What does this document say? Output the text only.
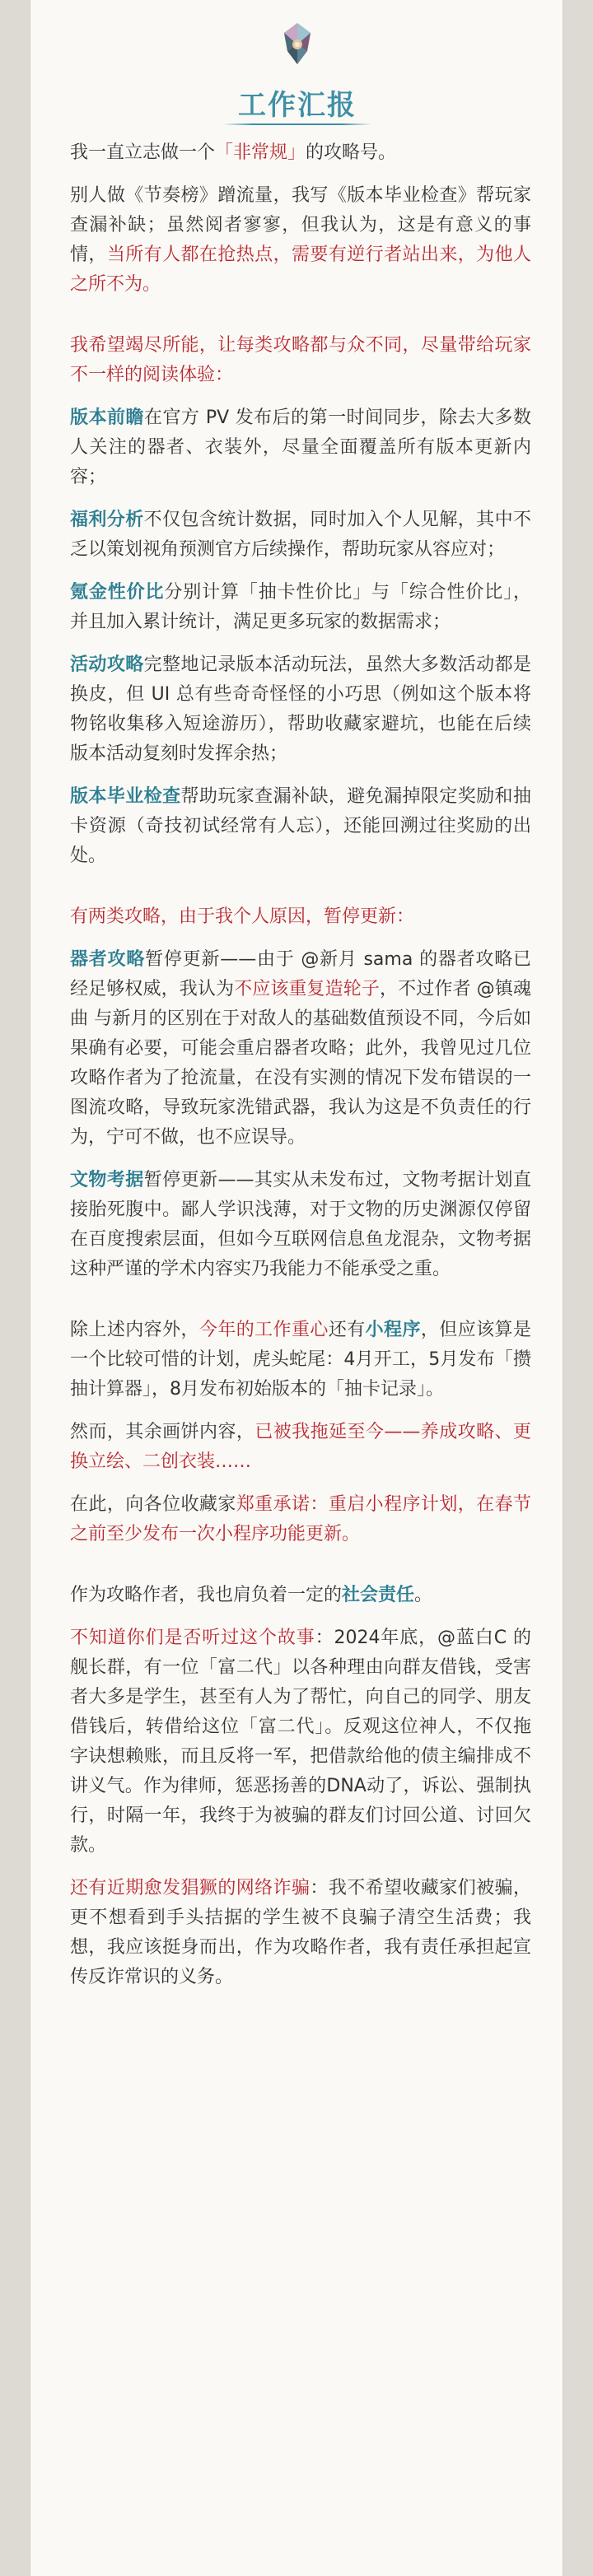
工作汇报

我一直立志做一个「非常规」的攻略号。

别人做《节奏榜》蹭流量，我写《版本毕业检查》帮玩家查漏补缺；虽然阅者寥寥，但我认为，这是有意义的事情，当所有人都在抢热点，需要有逆行者站出来，为他人之所不为。

我希望竭尽所能，让每类攻略都与众不同，尽量带给玩家不一样的阅读体验：

版本前瞻在官方 PV 发布后的第一时间同步，除去大多数人关注的器者、衣装外，尽量全面覆盖所有版本更新内容；

福利分析不仅包含统计数据，同时加入个人见解，其中不乏以策划视角预测官方后续操作，帮助玩家从容应对；

氪金性价比分别计算「抽卡性价比」与「综合性价比」，并且加入累计统计，满足更多玩家的数据需求；

活动攻略完整地记录版本活动玩法，虽然大多数活动都是换皮，但 UI 总有些奇奇怪怪的小巧思（例如这个版本将物铭收集移入短途游历），帮助收藏家避坑，也能在后续版本活动复刻时发挥余热；

版本毕业检查帮助玩家查漏补缺，避免漏掉限定奖励和抽卡资源（奇技初试经常有人忘），还能回溯过往奖励的出处。

有两类攻略，由于我个人原因，暂停更新：

器者攻略暂停更新——由于 @新月 sama 的器者攻略已经足够权威，我认为不应该重复造轮子，不过作者 @镇魂曲 与新月的区别在于对敌人的基础数值预设不同，今后如果确有必要，可能会重启器者攻略；此外，我曾见过几位攻略作者为了抢流量，在没有实测的情况下发布错误的一图流攻略，导致玩家洗错武器，我认为这是不负责任的行为，宁可不做，也不应误导。

文物考据暂停更新——其实从未发布过，文物考据计划直接胎死腹中。鄙人学识浅薄，对于文物的历史渊源仅停留在百度搜索层面，但如今互联网信息鱼龙混杂，文物考据这种严谨的学术内容实乃我能力不能承受之重。

除上述内容外，今年的工作重心还有小程序，但应该算是一个比较可惜的计划，虎头蛇尾：4月开工，5月发布「攒抽计算器」，8月发布初始版本的「抽卡记录」。

然而，其余画饼内容，已被我拖延至今——养成攻略、更换立绘、二创衣装……

在此，向各位收藏家郑重承诺：重启小程序计划，在春节之前至少发布一次小程序功能更新。

作为攻略作者，我也肩负着一定的社会责任。

不知道你们是否听过这个故事：2024年底，@蓝白C 的舰长群，有一位「富二代」以各种理由向群友借钱，受害者大多是学生，甚至有人为了帮忙，向自己的同学、朋友借钱后，转借给这位「富二代」。反观这位神人，不仅拖字诀想赖账，而且反将一军，把借款给他的债主编排成不讲义气。作为律师，惩恶扬善的DNA动了，诉讼、强制执行，时隔一年，我终于为被骗的群友们讨回公道、讨回欠款。

还有近期愈发猖獗的网络诈骗：我不希望收藏家们被骗，更不想看到手头拮据的学生被不良骗子清空生活费；我想，我应该挺身而出，作为攻略作者，我有责任承担起宣传反诈常识的义务。
